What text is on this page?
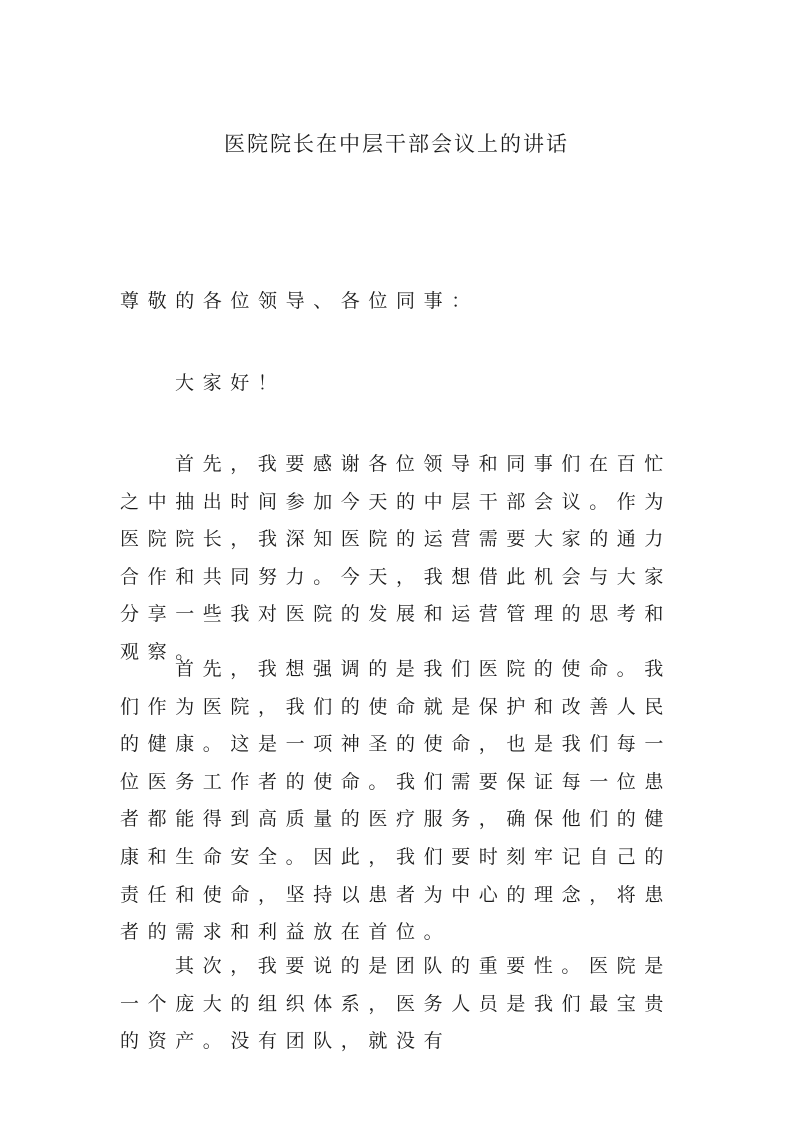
医院院长在中层干部会议上的讲话
尊敬的各位领导、各位同事：
大家好！
首先，我要感谢各位领导和同事们在百忙之中抽出时间参加今天的中层干部会议。作为医院院长，我深知医院的运营需要大家的通力合作和共同努力。今天，我想借此机会与大家分享一些我对医院的发展和运营管理的思考和观察。
首先，我想强调的是我们医院的使命。我们作为医院，我们的使命就是保护和改善人民的健康。这是一项神圣的使命，也是我们每一位医务工作者的使命。我们需要保证每一位患者都能得到高质量的医疗服务，确保他们的健康和生命安全。因此，我们要时刻牢记自己的责任和使命，坚持以患者为中心的理念，将患者的需求和利益放在首位。
其次，我要说的是团队的重要性。医院是一个庞大的组织体系，医务人员是我们最宝贵的资产。没有团队，就没有
